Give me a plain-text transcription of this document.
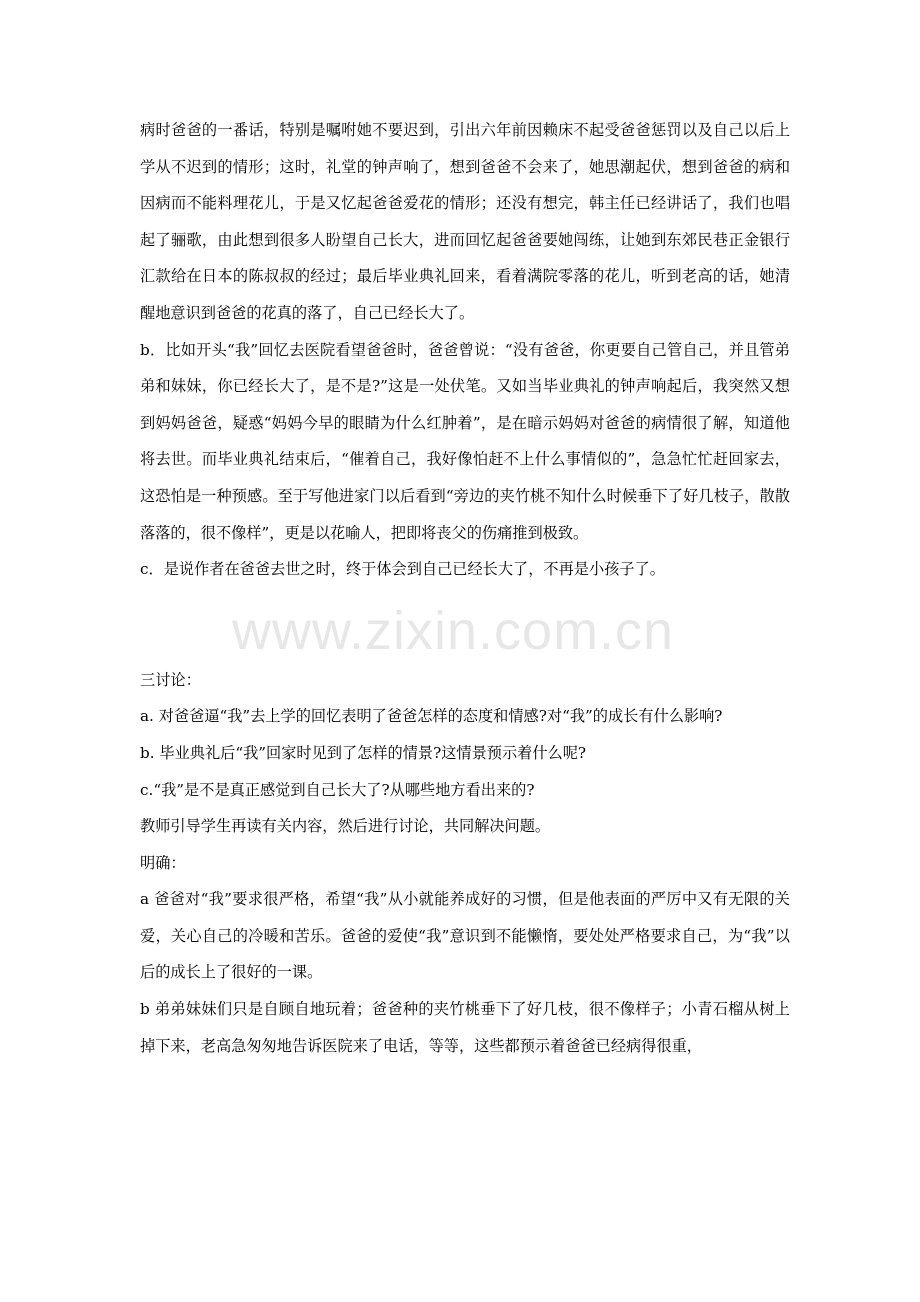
病时爸爸的一番话，特别是嘱咐她不要迟到，引出六年前因赖床不起受爸爸惩罚以及自己以后上学从不迟到的情形；这时，礼堂的钟声响了，想到爸爸不会来了，她思潮起伏，想到爸爸的病和因病而不能料理花儿，于是又忆起爸爸爱花的情形；还没有想完，韩主任已经讲话了，我们也唱起了骊歌，由此想到很多人盼望自己长大，进而回忆起爸爸要她闯练，让她到东郊民巷正金银行汇款给在日本的陈叔叔的经过；最后毕业典礼回来，看着满院零落的花儿，听到老高的话，她清醒地意识到爸爸的花真的落了，自己已经长大了。

b．比如开头“我”回忆去医院看望爸爸时，爸爸曾说：“没有爸爸，你更要自己管自己，并且管弟弟和妹妹，你已经长大了，是不是?”这是一处伏笔。又如当毕业典礼的钟声响起后，我突然又想到妈妈爸爸，疑惑“妈妈今早的眼睛为什么红肿着”，是在暗示妈妈对爸爸的病情很了解，知道他将去世。而毕业典礼结束后，“催着自己，我好像怕赶不上什么事情似的”，急急忙忙赶回家去，这恐怕是一种预感。至于写他进家门以后看到“旁边的夹竹桃不知什么时候垂下了好几枝子，散散落落的，很不像样”，更是以花喻人，把即将丧父的伤痛推到极致。

c．是说作者在爸爸去世之时，终于体会到自己已经长大了，不再是小孩子了。

三讨论：

a. 对爸爸逼“我”去上学的回忆表明了爸爸怎样的态度和情感?对“我”的成长有什么影响?

b. 毕业典礼后“我”回家时见到了怎样的情景?这情景预示着什么呢?

c.“我”是不是真正感觉到自己长大了?从哪些地方看出来的?

教师引导学生再读有关内容，然后进行讨论，共同解决问题。

明确：

a 爸爸对“我”要求很严格，希望“我”从小就能养成好的习惯，但是他表面的严厉中又有无限的关爱，关心自己的冷暖和苦乐。爸爸的爱使“我”意识到不能懒惰，要处处严格要求自己，为“我”以后的成长上了很好的一课。

b 弟弟妹妹们只是自顾自地玩着；爸爸种的夹竹桃垂下了好几枝，很不像样子；小青石榴从树上掉下来，老高急匆匆地告诉医院来了电话，等等，这些都预示着爸爸已经病得很重，

www.zixin.com.cn
